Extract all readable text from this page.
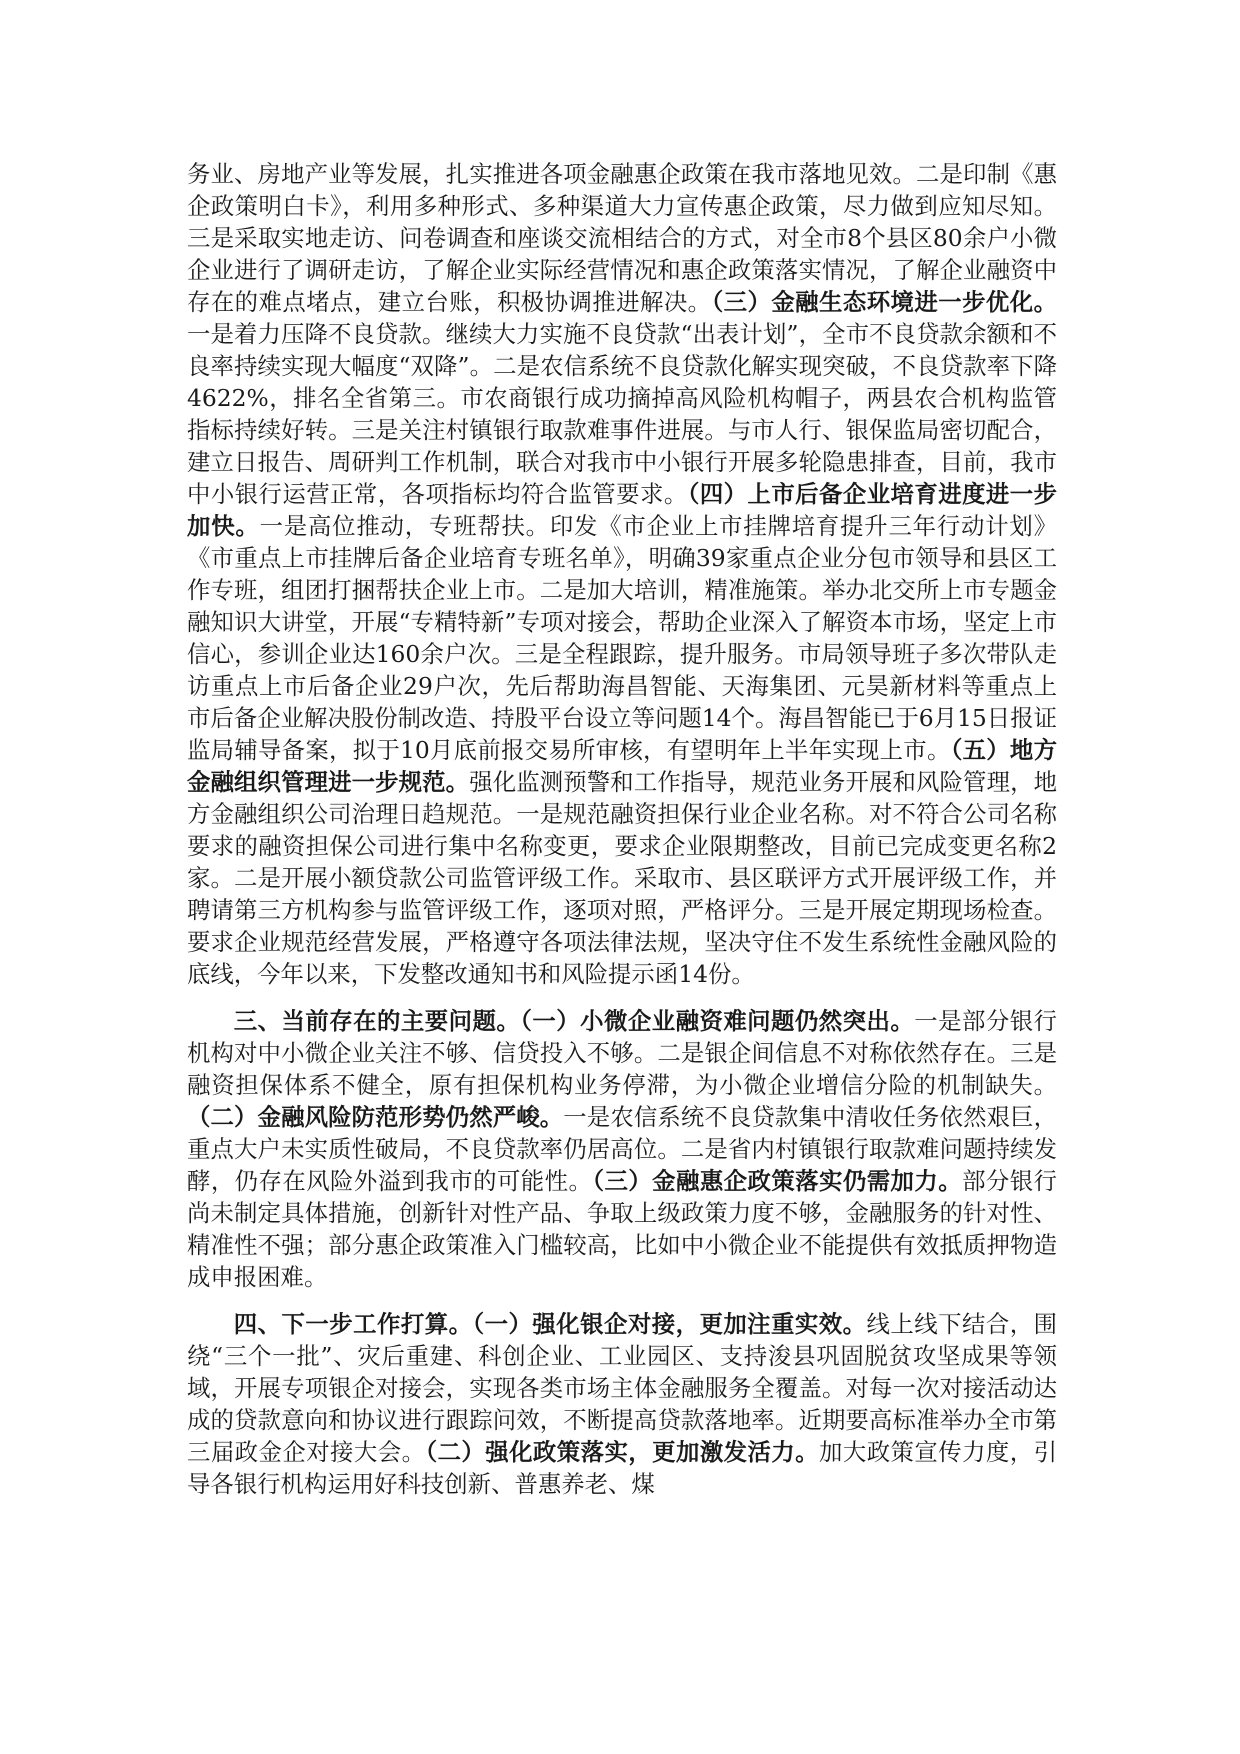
务业、房地产业等发展，扎实推进各项金融惠企政策在我市落地见效。二是印制《惠企政策明白卡》，利用多种形式、多种渠道大力宣传惠企政策，尽力做到应知尽知。三是采取实地走访、问卷调查和座谈交流相结合的方式，对全市8个县区80余户小微企业进行了调研走访，了解企业实际经营情况和惠企政策落实情况，了解企业融资中存在的难点堵点，建立台账，积极协调推进解决。（三）金融生态环境进一步优化。一是着力压降不良贷款。继续大力实施不良贷款“出表计划”，全市不良贷款余额和不良率持续实现大幅度“双降”。二是农信系统不良贷款化解实现突破，不良贷款率下降4622%，排名全省第三。市农商银行成功摘掉高风险机构帽子，两县农合机构监管指标持续好转。三是关注村镇银行取款难事件进展。与市人行、银保监局密切配合，建立日报告、周研判工作机制，联合对我市中小银行开展多轮隐患排查，目前，我市中小银行运营正常，各项指标均符合监管要求。（四）上市后备企业培育进度进一步加快。一是高位推动，专班帮扶。印发《市企业上市挂牌培育提升三年行动计划》《市重点上市挂牌后备企业培育专班名单》，明确39家重点企业分包市领导和县区工作专班，组团打捆帮扶企业上市。二是加大培训，精准施策。举办北交所上市专题金融知识大讲堂，开展“专精特新”专项对接会，帮助企业深入了解资本市场，坚定上市信心，参训企业达160余户次。三是全程跟踪，提升服务。市局领导班子多次带队走访重点上市后备企业29户次，先后帮助海昌智能、天海集团、元昊新材料等重点上市后备企业解决股份制改造、持股平台设立等问题14个。海昌智能已于6月15日报证监局辅导备案，拟于10月底前报交易所审核，有望明年上半年实现上市。（五）地方金融组织管理进一步规范。强化监测预警和工作指导，规范业务开展和风险管理，地方金融组织公司治理日趋规范。一是规范融资担保行业企业名称。对不符合公司名称要求的融资担保公司进行集中名称变更，要求企业限期整改，目前已完成变更名称2家。二是开展小额贷款公司监管评级工作。采取市、县区联评方式开展评级工作，并聘请第三方机构参与监管评级工作，逐项对照，严格评分。三是开展定期现场检查。要求企业规范经营发展，严格遵守各项法律法规，坚决守住不发生系统性金融风险的底线，今年以来，下发整改通知书和风险提示函14份。

三、当前存在的主要问题。（一）小微企业融资难问题仍然突出。一是部分银行机构对中小微企业关注不够、信贷投入不够。二是银企间信息不对称依然存在。三是融资担保体系不健全，原有担保机构业务停滞，为小微企业增信分险的机制缺失。（二）金融风险防范形势仍然严峻。一是农信系统不良贷款集中清收任务依然艰巨，重点大户未实质性破局，不良贷款率仍居高位。二是省内村镇银行取款难问题持续发酵，仍存在风险外溢到我市的可能性。（三）金融惠企政策落实仍需加力。部分银行尚未制定具体措施，创新针对性产品、争取上级政策力度不够，金融服务的针对性、精准性不强；部分惠企政策准入门槛较高，比如中小微企业不能提供有效抵质押物造成申报困难。

四、下一步工作打算。（一）强化银企对接，更加注重实效。线上线下结合，围绕“三个一批”、灾后重建、科创企业、工业园区、支持浚县巩固脱贫攻坚成果等领域，开展专项银企对接会，实现各类市场主体金融服务全覆盖。对每一次对接活动达成的贷款意向和协议进行跟踪问效，不断提高贷款落地率。近期要高标准举办全市第三届政金企对接大会。（二）强化政策落实，更加激发活力。加大政策宣传力度，引导各银行机构运用好科技创新、普惠养老、煤
